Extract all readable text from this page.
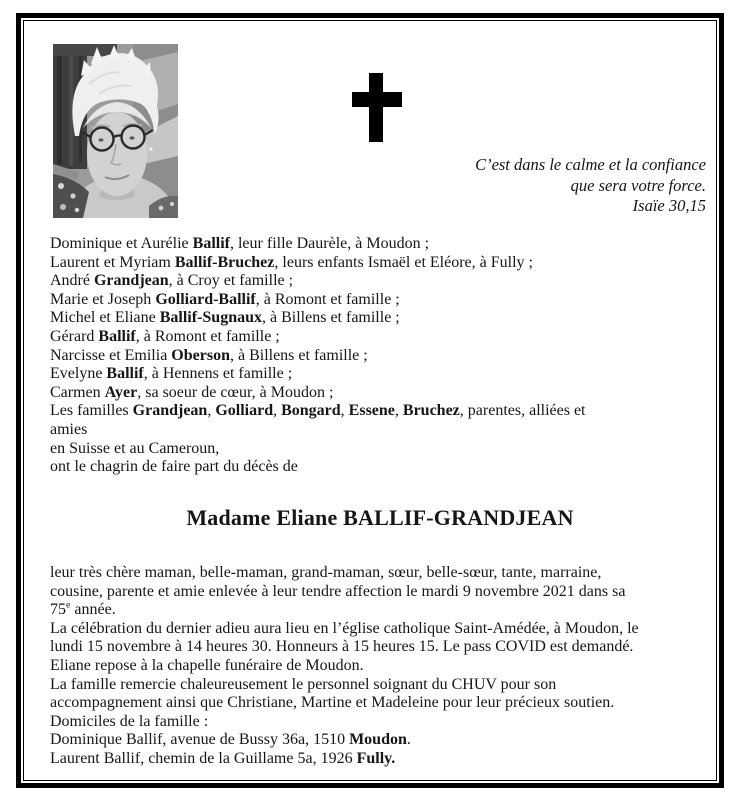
C’est dans le calme et la confiance
que sera votre force.
Isaïe 30,15
Dominique et Aurélie Ballif, leur fille Daurèle, à Moudon ;
Laurent et Myriam Ballif-Bruchez, leurs enfants Ismaël et Eléore, à Fully ;
André Grandjean, à Croy et famille ;
Marie et Joseph Golliard-Ballif, à Romont et famille ;
Michel et Eliane Ballif-Sugnaux, à Billens et famille ;
Gérard Ballif, à Romont et famille ;
Narcisse et Emilia Oberson, à Billens et famille ;
Evelyne Ballif, à Hennens et famille ;
Carmen Ayer, sa soeur de cœur, à Moudon ;
Les familles Grandjean, Golliard, Bongard, Essene, Bruchez, parentes, alliées et
amies
en Suisse et au Cameroun,
ont le chagrin de faire part du décès de
Madame Eliane BALLIF-GRANDJEAN
leur très chère maman, belle-maman, grand-maman, sœur, belle-sœur, tante, marraine,
cousine, parente et amie enlevée à leur tendre affection le mardi 9 novembre 2021 dans sa
75e année.
La célébration du dernier adieu aura lieu en l’église catholique Saint-Amédée, à Moudon, le
lundi 15 novembre à 14 heures 30. Honneurs à 15 heures 15. Le pass COVID est demandé.
Eliane repose à la chapelle funéraire de Moudon.
La famille remercie chaleureusement le personnel soignant du CHUV pour son
accompagnement ainsi que Christiane, Martine et Madeleine pour leur précieux soutien.
Domiciles de la famille :
Dominique Ballif, avenue de Bussy 36a, 1510 Moudon.
Laurent Ballif, chemin de la Guillame 5a, 1926 Fully.
